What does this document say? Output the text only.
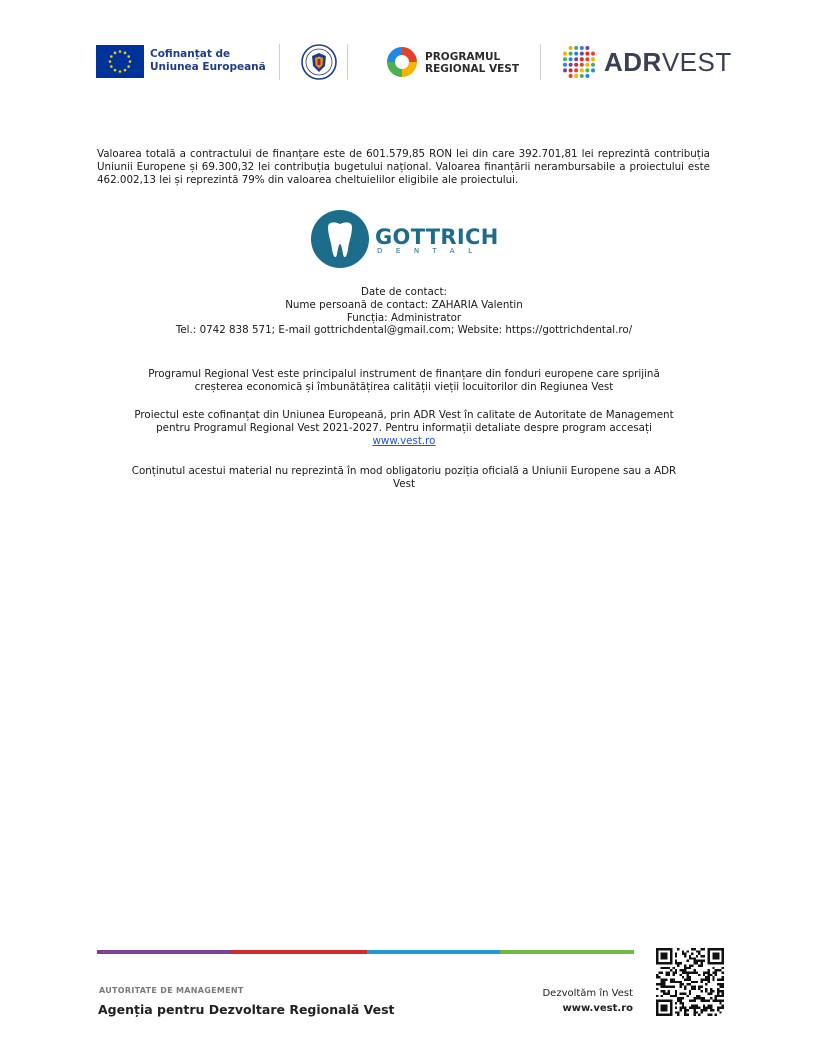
Cofinanțat de
Uniunea Europeană
PROGRAMUL
REGIONAL VEST	ADRVEST

Valoarea totală a contractului de finanțare este de 601.579,85 RON lei din care 392.701,81 lei reprezintă contribuția Uniunii Europene și 69.300,32 lei contribuția bugetului național. Valoarea finanțării nerambursabile a proiectului este 462.002,13 lei și reprezintă 79% din valoarea cheltuielilor eligibile ale proiectului.

GOTTRICH
DENTAL
Date de contact:
Nume persoană de contact: ZAHARIA Valentin
Funcția: Administrator
Tel.: 0742 838 571; E-mail gottrichdental@gmail.com; Website: https://gottrichdental.ro/
Programul Regional Vest este principalul instrument de finanțare din fonduri europene care sprijină
creșterea economică și îmbunătățirea calității vieții locuitorilor din Regiunea Vest
Proiectul este cofinanțat din Uniunea Europeană, prin ADR Vest în calitate de Autoritate de Management
pentru Programul Regional Vest 2021-2027. Pentru informații detaliate despre program accesați
www.vest.ro
Conținutul acestui material nu reprezintă în mod obligatoriu poziția oficială a Uniunii Europene sau a ADR
Vest
AUTORITATE DE MANAGEMENT
Agenția pentru Dezvoltare Regională Vest
Dezvoltăm în Vest
www.vest.ro
